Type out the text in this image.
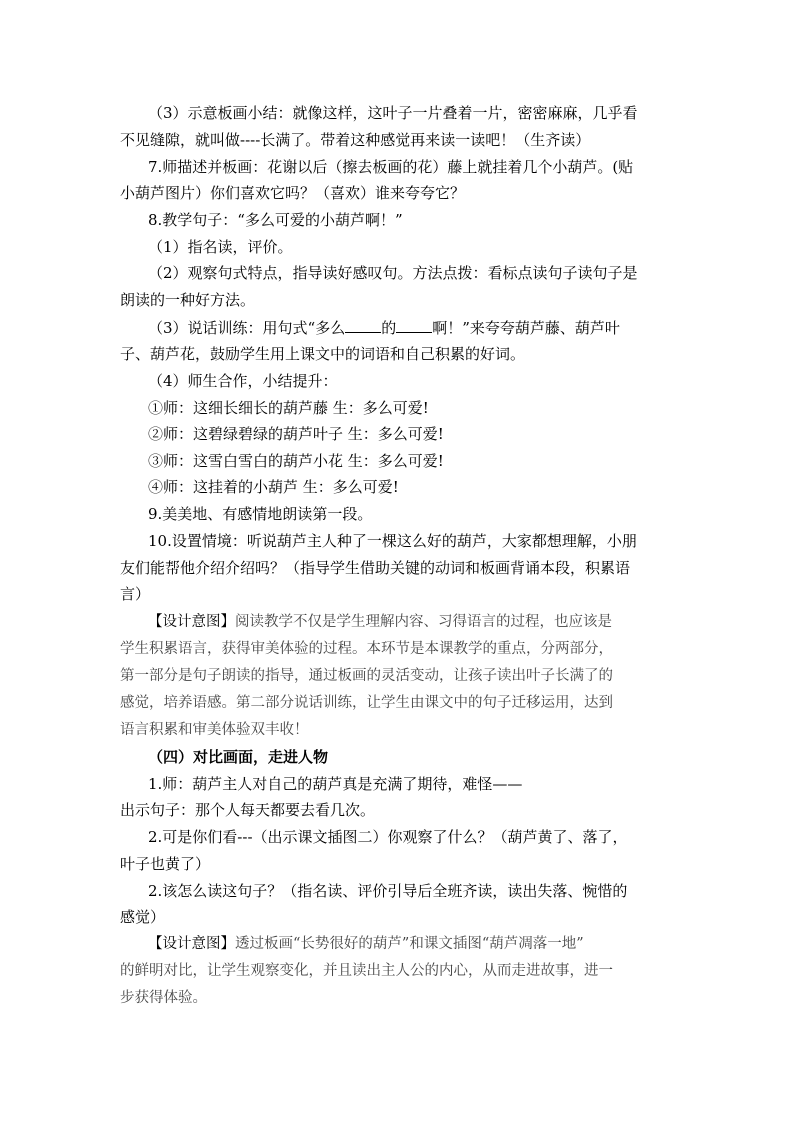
（3）示意板画小结：就像这样，这叶子一片叠着一片，密密麻麻，几乎看
不见缝隙，就叫做----长满了。带着这种感觉再来读一读吧！（生齐读）
7.师描述并板画：花谢以后（擦去板画的花）藤上就挂着几个小葫芦。(贴
小葫芦图片）你们喜欢它吗？（喜欢）谁来夸夸它？
8.教学句子：“多么可爱的小葫芦啊！”
（1）指名读，评价。
（2）观察句式特点，指导读好感叹句。方法点拨：看标点读句子读句子是
朗读的一种好方法。
（3）说话训练：用句式“多么 的 啊！”来夸夸葫芦藤、葫芦叶
子、葫芦花，鼓励学生用上课文中的词语和自己积累的好词。
（4）师生合作，小结提升：
①师：这细长细长的葫芦藤 生：多么可爱!
②师：这碧绿碧绿的葫芦叶子 生：多么可爱!
③师：这雪白雪白的葫芦小花 生：多么可爱!
④师：这挂着的小葫芦 生：多么可爱!
9.美美地、有感情地朗读第一段。
10.设置情境：听说葫芦主人种了一棵这么好的葫芦，大家都想理解，小朋
友们能帮他介绍介绍吗？（指导学生借助关键的动词和板画背诵本段，积累语
言）
【设计意图】阅读教学不仅是学生理解内容、习得语言的过程，也应该是
学生积累语言，获得审美体验的过程。本环节是本课教学的重点，分两部分，
第一部分是句子朗读的指导，通过板画的灵活变动，让孩子读出叶子长满了的
感觉，培养语感。第二部分说话训练，让学生由课文中的句子迁移运用，达到
语言积累和审美体验双丰收！
（四）对比画面，走进人物
1.师：葫芦主人对自己的葫芦真是充满了期待，难怪——
出示句子：那个人每天都要去看几次。
2.可是你们看---（出示课文插图二）你观察了什么？（葫芦黄了、落了，
叶子也黄了）
2.该怎么读这句子？（指名读、评价引导后全班齐读，读出失落、惋惜的
感觉）
【设计意图】透过板画“长势很好的葫芦”和课文插图“葫芦凋落一地”
的鲜明对比，让学生观察变化，并且读出主人公的内心，从而走进故事，进一
步获得体验。
